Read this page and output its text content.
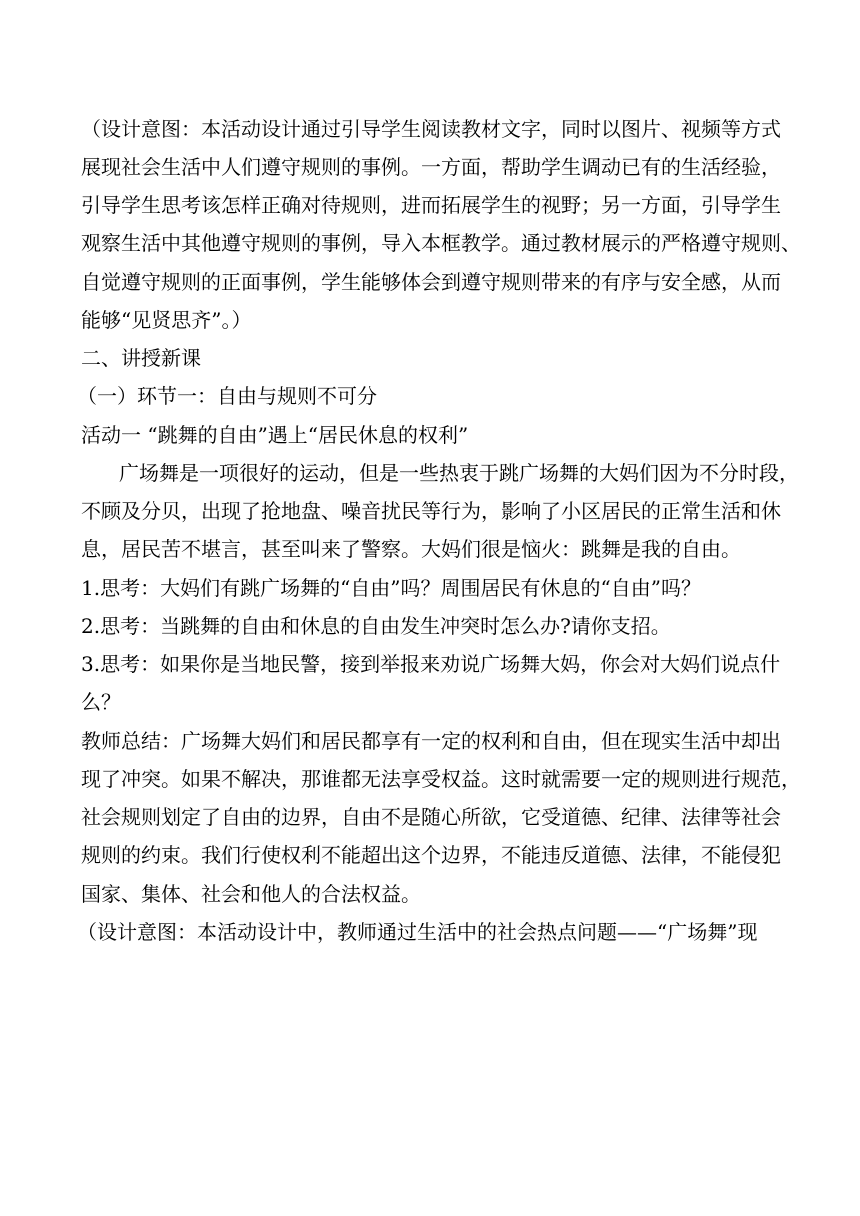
（设计意图：本活动设计通过引导学生阅读教材文字，同时以图片、视频等方式
展现社会生活中人们遵守规则的事例。一方面，帮助学生调动已有的生活经验，
引导学生思考该怎样正确对待规则，进而拓展学生的视野；另一方面，引导学生
观察生活中其他遵守规则的事例，导入本框教学。通过教材展示的严格遵守规则、
自觉遵守规则的正面事例，学生能够体会到遵守规则带来的有序与安全感，从而
能够“见贤思齐”。）
二、讲授新课
（一）环节一：自由与规则不可分
活动一 “跳舞的自由”遇上“居民休息的权利”
广场舞是一项很好的运动，但是一些热衷于跳广场舞的大妈们因为不分时段，
不顾及分贝，出现了抢地盘、噪音扰民等行为，影响了小区居民的正常生活和休
息，居民苦不堪言，甚至叫来了警察。大妈们很是恼火：跳舞是我的自由。
1.思考：大妈们有跳广场舞的“自由”吗？周围居民有休息的“自由”吗？
2.思考：当跳舞的自由和休息的自由发生冲突时怎么办?请你支招。
3.思考：如果你是当地民警，接到举报来劝说广场舞大妈，你会对大妈们说点什
么？
教师总结：广场舞大妈们和居民都享有一定的权利和自由，但在现实生活中却出
现了冲突。如果不解决，那谁都无法享受权益。这时就需要一定的规则进行规范，
社会规则划定了自由的边界，自由不是随心所欲，它受道德、纪律、法律等社会
规则的约束。我们行使权利不能超出这个边界，不能违反道德、法律，不能侵犯
国家、集体、社会和他人的合法权益。
（设计意图：本活动设计中，教师通过生活中的社会热点问题——“广场舞”现
